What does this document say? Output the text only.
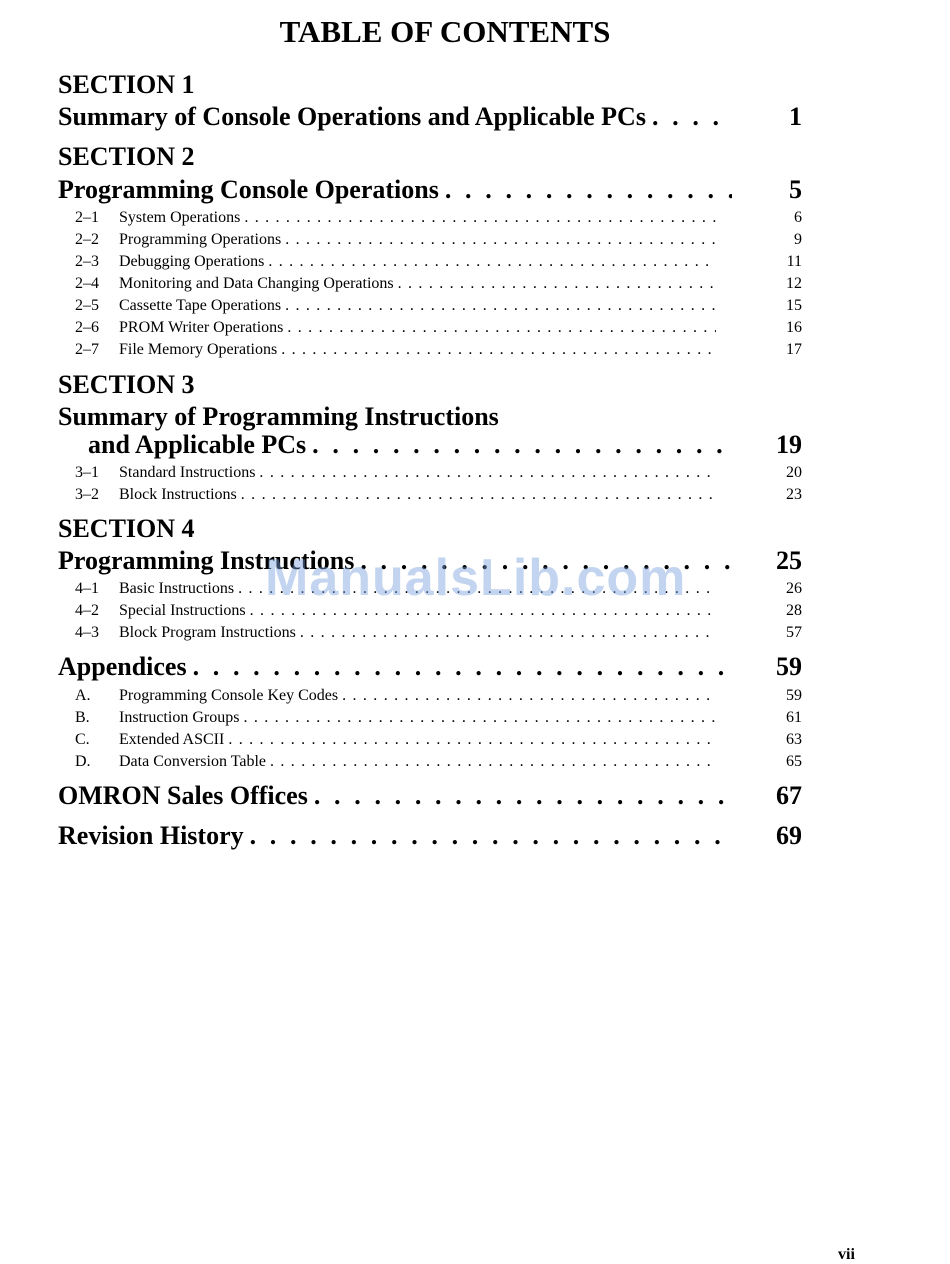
TABLE OF CONTENTS
SECTION 1
Summary of Console Operations and Applicable PCs . . .	1
SECTION 2
Programming Console Operations . . .	5
2–1	System Operations . . .	6
2–2	Programming Operations . . .	9
2–3	Debugging Operations . . .	11
2–4	Monitoring and Data Changing Operations . . .	12
2–5	Cassette Tape Operations . . .	15
2–6	PROM Writer Operations . . .	16
2–7	File Memory Operations . . .	17
SECTION 3
Summary of Programming Instructions
and Applicable PCs . . .	19
3–1	Standard Instructions . . .	20
3–2	Block Instructions . . .	23
SECTION 4
Programming Instructions . . .	25
4–1	Basic Instructions . . .	26
4–2	Special Instructions . . .	28
4–3	Block Program Instructions . . .	57
Appendices . . .	59
A.	Programming Console Key Codes . . .	59
B.	Instruction Groups . . .	61
C.	Extended ASCII . . .	63
D.	Data Conversion Table . . .	65
OMRON Sales Offices . . .	67
Revision History . . .	69
ManualsLib.com
vii
